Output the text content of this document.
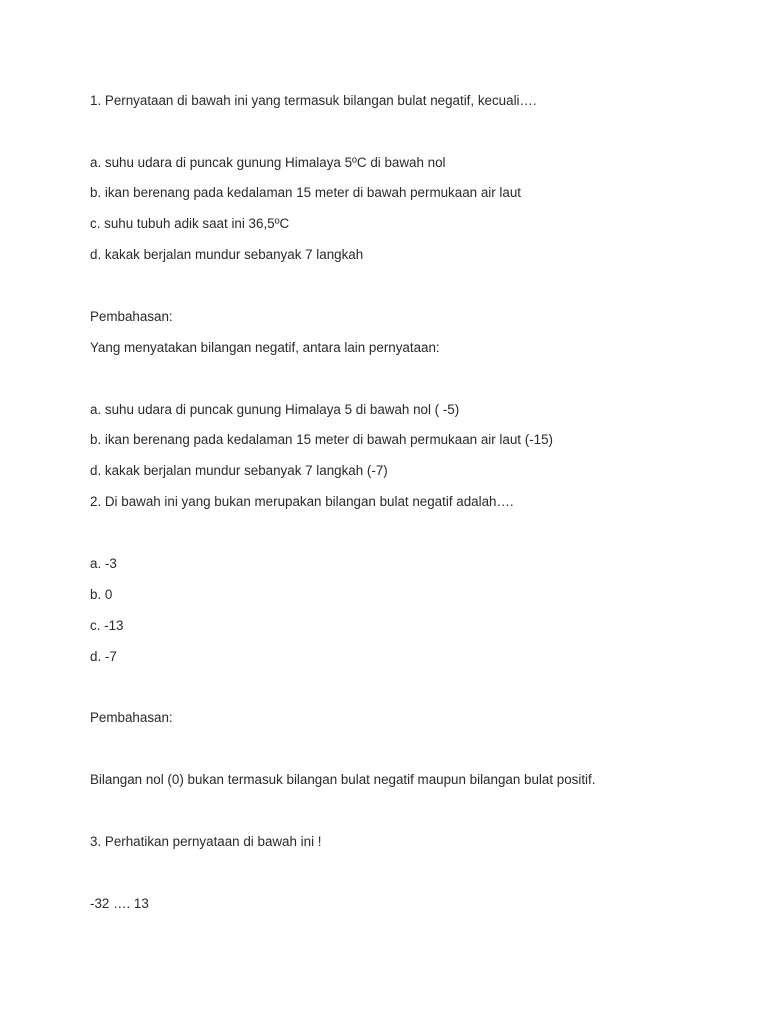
1. Pernyataan di bawah ini yang termasuk bilangan bulat negatif, kecuali….
a. suhu udara di puncak gunung Himalaya 5ºC di bawah nol
b. ikan berenang pada kedalaman 15 meter di bawah permukaan air laut
c. suhu tubuh adik saat ini 36,5ºC
d. kakak berjalan mundur sebanyak 7 langkah
Pembahasan:
Yang menyatakan bilangan negatif, antara lain pernyataan:
a. suhu udara di puncak gunung Himalaya 5 di bawah nol ( -5)
b. ikan berenang pada kedalaman 15 meter di bawah permukaan air laut (-15)
d. kakak berjalan mundur sebanyak 7 langkah (-7)
2. Di bawah ini yang bukan merupakan bilangan bulat negatif adalah….
a. -3
b. 0
c. -13
d. -7
Pembahasan:
Bilangan nol (0) bukan termasuk bilangan bulat negatif maupun bilangan bulat positif.
3. Perhatikan pernyataan di bawah ini !
-32 …. 13
